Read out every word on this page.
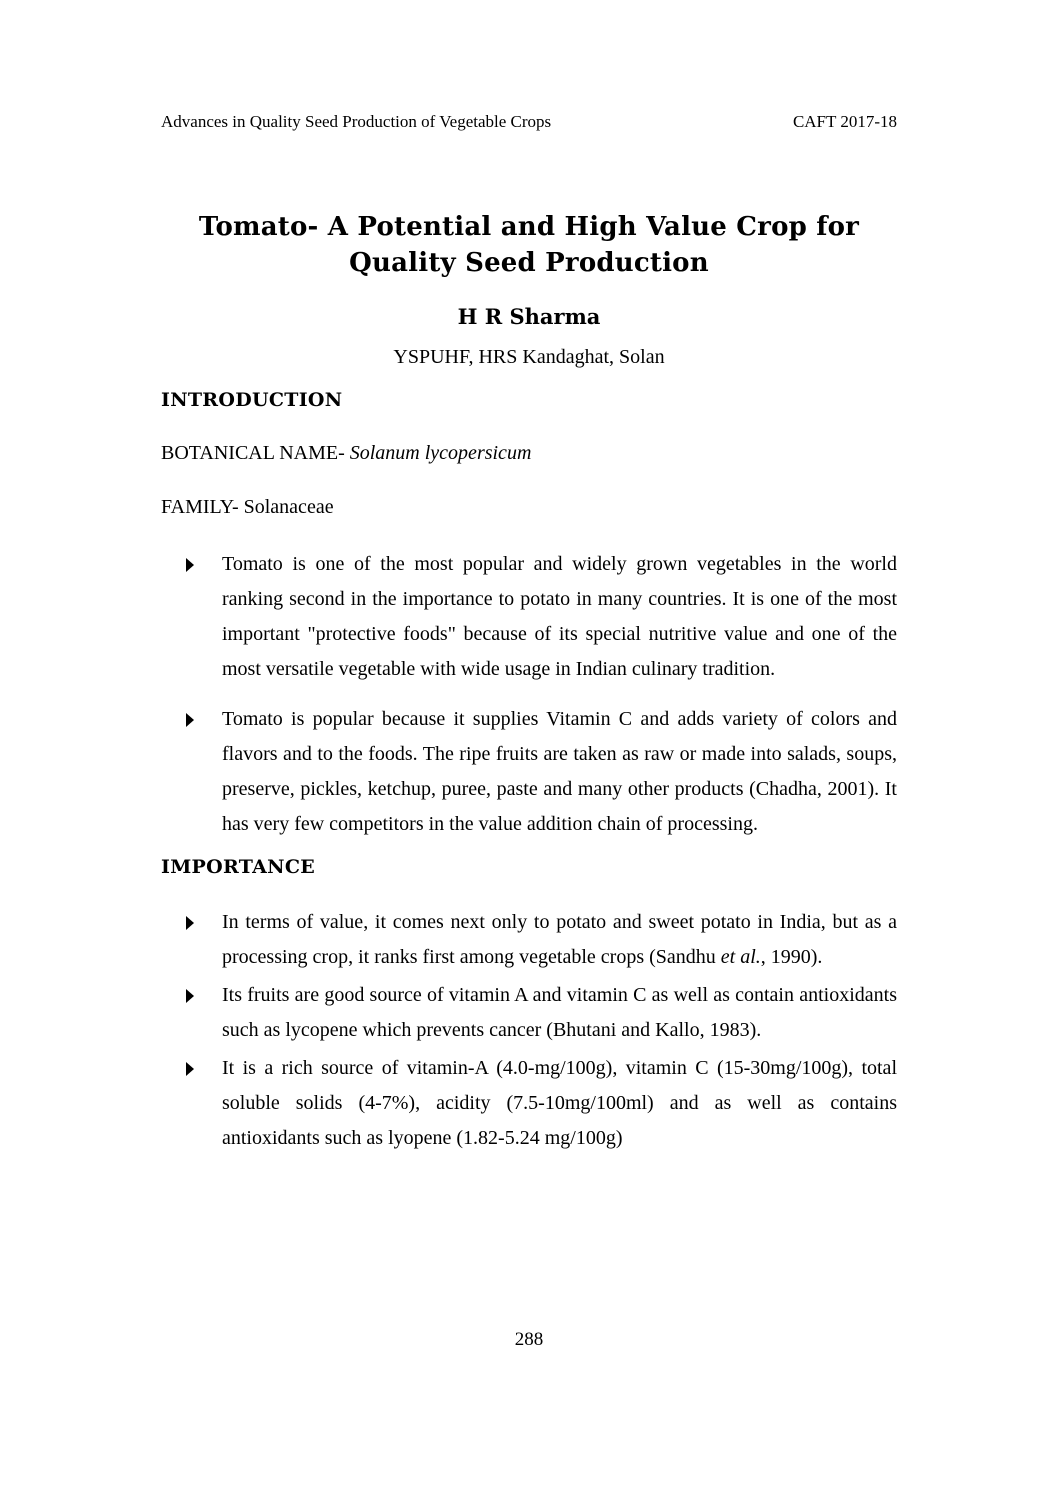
Advances in Quality Seed Production of Vegetable Crops	CAFT 2017-18
Tomato- A Potential and High Value Crop for Quality Seed Production
H R Sharma
YSPUHF, HRS Kandaghat, Solan
INTRODUCTION
BOTANICAL NAME- Solanum lycopersicum
FAMILY- Solanaceae
Tomato is one of the most popular and widely grown vegetables in the world ranking second in the importance to potato in many countries. It is one of the most important "protective foods" because of its special nutritive value and one of the most versatile vegetable with wide usage in Indian culinary tradition.
Tomato is popular because it supplies Vitamin C and adds variety of colors and flavors and to the foods. The ripe fruits are taken as raw or made into salads, soups, preserve, pickles, ketchup, puree, paste and many other products (Chadha, 2001). It has very few competitors in the value addition chain of processing.
IMPORTANCE
In terms of value, it comes next only to potato and sweet potato in India, but as a processing crop, it ranks first among vegetable crops (Sandhu et al., 1990).
Its fruits are good source of vitamin A and vitamin C as well as contain antioxidants such as lycopene which prevents cancer (Bhutani and Kallo, 1983).
It is a rich source of vitamin-A (4.0-mg/100g), vitamin C (15-30mg/100g), total soluble solids (4-7%), acidity (7.5-10mg/100ml) and as well as contains antioxidants such as lyopene (1.82-5.24 mg/100g)
288
